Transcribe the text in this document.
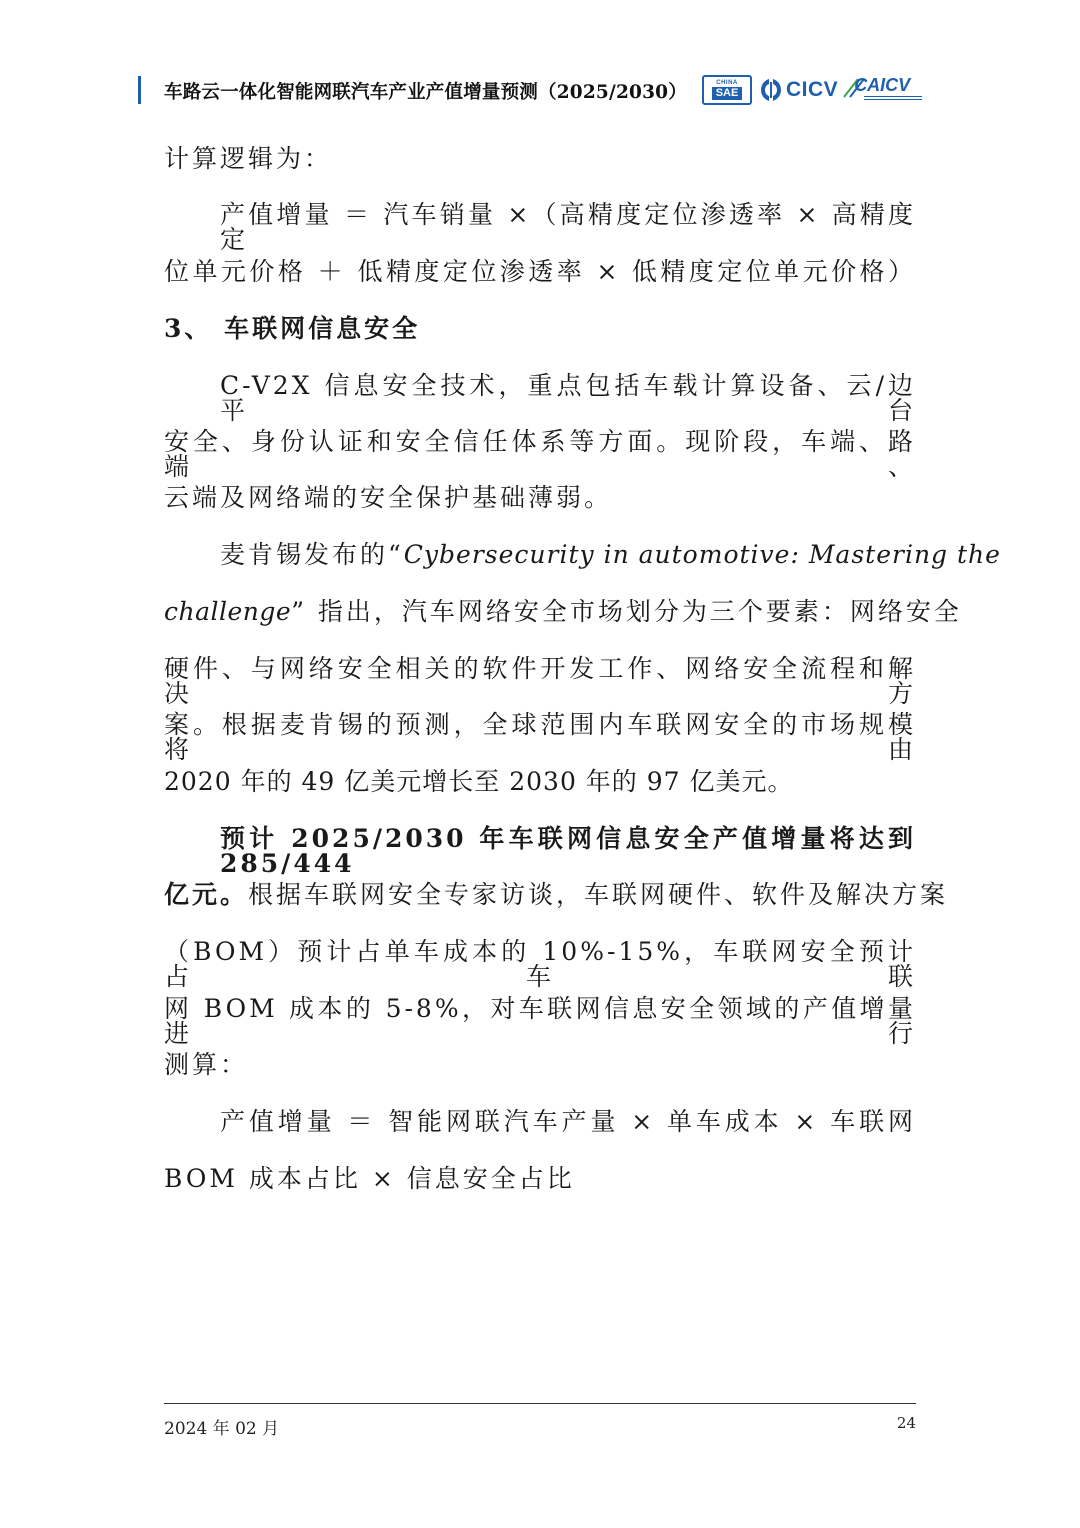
车路云一体化智能网联汽车产业产值增量预测（2025/2030）	CHINA
SAE CICV CAICV
计算逻辑为：
产值增量 ＝ 汽车销量 ×（高精度定位渗透率 × 高精度定
位单元价格 ＋ 低精度定位渗透率 × 低精度定位单元价格）
3、 车联网信息安全
C-V2X 信息安全技术，重点包括车载计算设备、云/边平台
安全、身份认证和安全信任体系等方面。现阶段，车端、路端、
云端及网络端的安全保护基础薄弱。
麦肯锡发布的“Cybersecurity in automotive: Mastering the
challenge” 指出，汽车网络安全市场划分为三个要素：网络安全
硬件、与网络安全相关的软件开发工作、网络安全流程和解决方
案。根据麦肯锡的预测，全球范围内车联网安全的市场规模将由
2020 年的 49 亿美元增长至 2030 年的 97 亿美元。
预计 2025/2030 年车联网信息安全产值增量将达到 285/444
亿元。根据车联网安全专家访谈，车联网硬件、软件及解决方案
（BOM）预计占单车成本的 10%-15%，车联网安全预计占车联
网 BOM 成本的 5-8%，对车联网信息安全领域的产值增量进行
测算：
产值增量 ＝ 智能网联汽车产量 × 单车成本 × 车联网
BOM 成本占比 × 信息安全占比
2024 年 02 月	24
